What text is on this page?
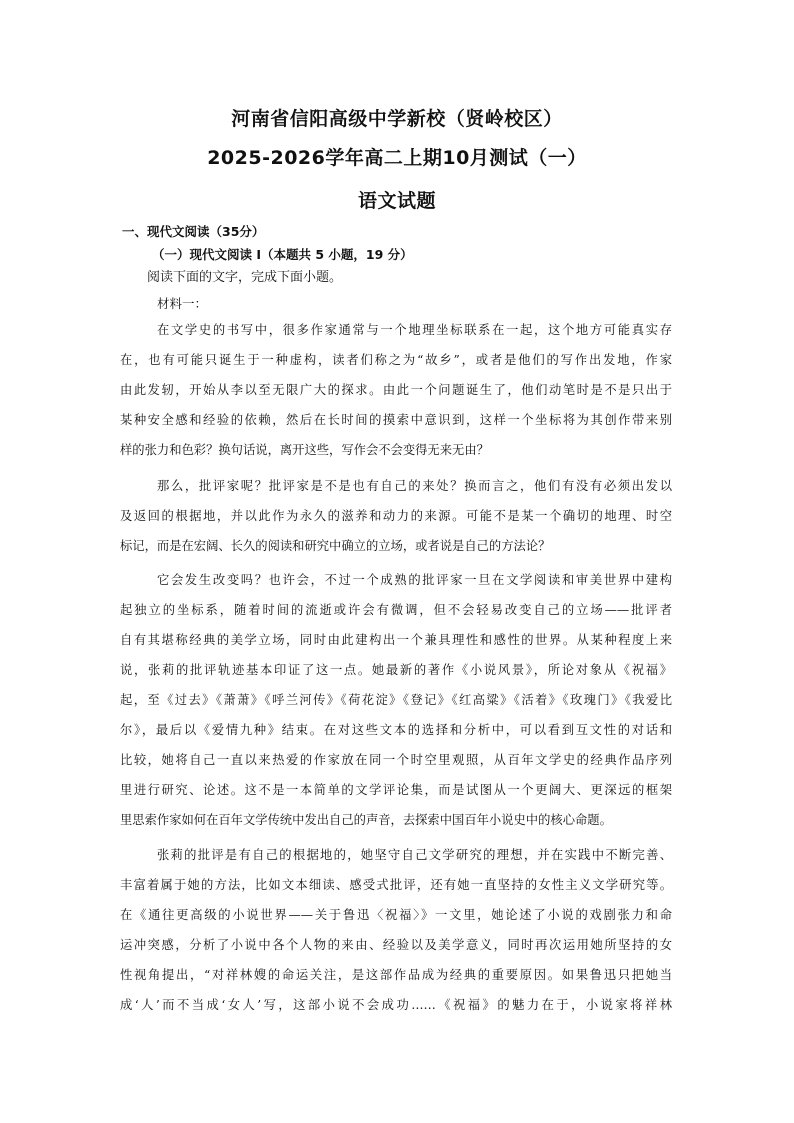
河南省信阳高级中学新校（贤岭校区）
2025-2026学年高二上期10月测试（一）
语文试题
一、现代文阅读（35分）
（一）现代文阅读 I（本题共 5 小题，19 分）
阅读下面的文字，完成下面小题。
材料一：
在文学史的书写中，很多作家通常与一个地理坐标联系在一起，这个地方可能真实存
在，也有可能只诞生于一种虚构，读者们称之为“故乡”，或者是他们的写作出发地，作家
由此发轫，开始从李以至无限广大的探求。由此一个问题诞生了，他们动笔时是不是只出于
某种安全感和经验的依赖，然后在长时间的摸索中意识到，这样一个坐标将为其创作带来别
样的张力和色彩？换句话说，离开这些，写作会不会变得无来无由？
那么，批评家呢？批评家是不是也有自己的来处？换而言之，他们有没有必须出发以
及返回的根据地，并以此作为永久的滋养和动力的来源。可能不是某一个确切的地理、时空
标记，而是在宏阔、长久的阅读和研究中确立的立场，或者说是自己的方法论？
它会发生改变吗？也许会，不过一个成熟的批评家一旦在文学阅读和审美世界中建构
起独立的坐标系，随着时间的流逝或许会有微调，但不会轻易改变自己的立场——批评者
自有其堪称经典的美学立场，同时由此建构出一个兼具理性和感性的世界。从某种程度上来
说，张莉的批评轨迹基本印证了这一点。她最新的著作《小说风景》，所论对象从《祝福》
起，至《过去》《萧萧》《呼兰河传》《荷花淀》《登记》《红高粱》《活着》《玫瑰门》《我爱比
尔》，最后以《爱情九种》结束。在对这些文本的选择和分析中，可以看到互文性的对话和
比较，她将自己一直以来热爱的作家放在同一个时空里观照，从百年文学史的经典作品序列
里进行研究、论述。这不是一本简单的文学评论集，而是试图从一个更阔大、更深远的框架
里思索作家如何在百年文学传统中发出自己的声音，去探索中国百年小说史中的核心命题。
张莉的批评是有自己的根据地的，她坚守自己文学研究的理想，并在实践中不断完善、
丰富着属于她的方法，比如文本细读、感受式批评，还有她一直坚持的女性主义文学研究等。
在《通往更高级的小说世界——关于鲁迅〈祝福〉》一文里，她论述了小说的戏剧张力和命
运冲突感，分析了小说中各个人物的来由、经验以及美学意义，同时再次运用她所坚持的女
性视角提出，“对祥林嫂的命运关注，是这部作品成为经典的重要原因。如果鲁迅只把她当
成‘人’而不当成‘女人’写，这部小说不会成功……《祝福》的魅力在于，小说家将祥林
